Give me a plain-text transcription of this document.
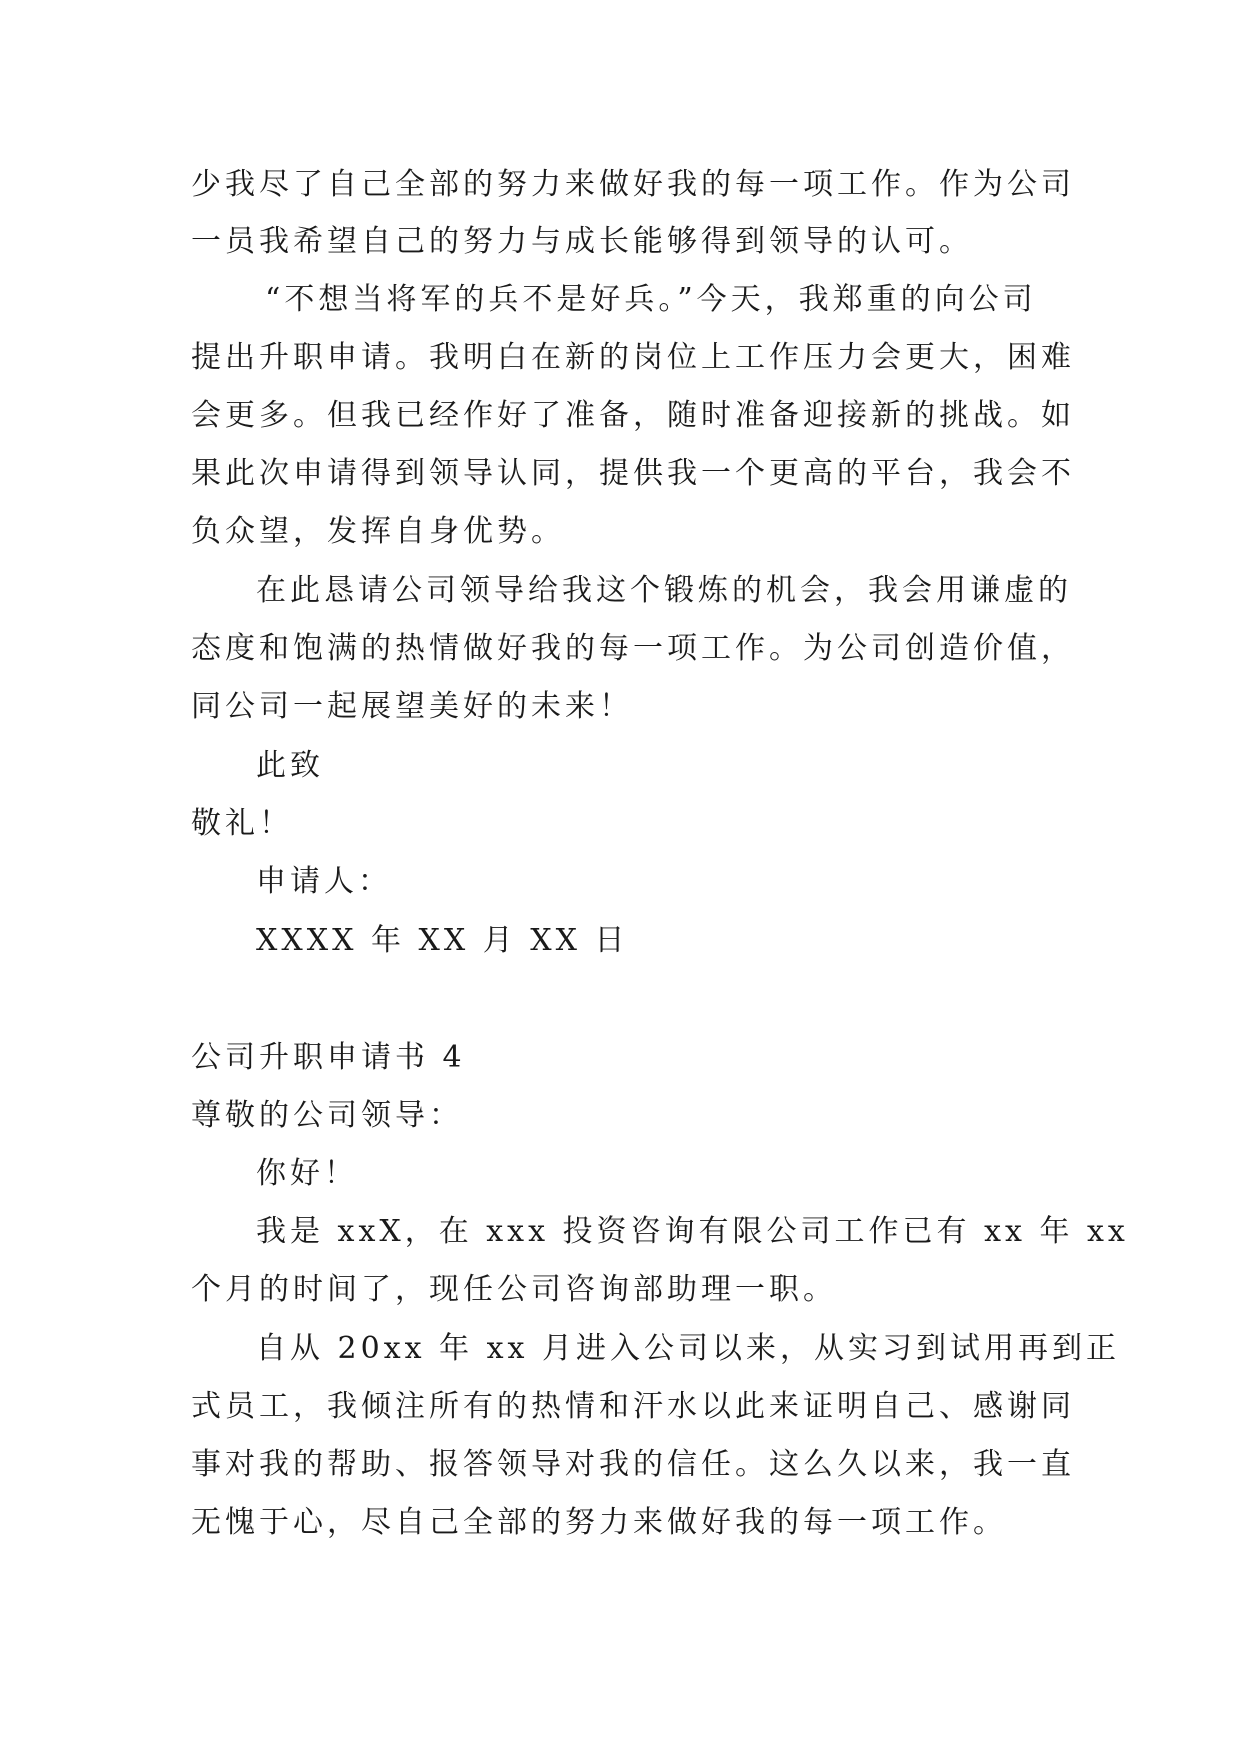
少我尽了自己全部的努力来做好我的每一项工作。作为公司
一员我希望自己的努力与成长能够得到领导的认可。
“不想当将军的兵不是好兵。”今天，我郑重的向公司
提出升职申请。我明白在新的岗位上工作压力会更大，困难
会更多。但我已经作好了准备，随时准备迎接新的挑战。如
果此次申请得到领导认同，提供我一个更高的平台，我会不
负众望，发挥自身优势。
在此恳请公司领导给我这个锻炼的机会，我会用谦虚的
态度和饱满的热情做好我的每一项工作。为公司创造价值，
同公司一起展望美好的未来！
此致
敬礼！
申请人：
XXXX 年 XX 月 XX 日
公司升职申请书 4
尊敬的公司领导：
你好！
我是 xxX，在 xxx 投资咨询有限公司工作已有 xx 年 xx
个月的时间了，现任公司咨询部助理一职。
自从 20xx 年 xx 月进入公司以来，从实习到试用再到正
式员工，我倾注所有的热情和汗水以此来证明自己、感谢同
事对我的帮助、报答领导对我的信任。这么久以来，我一直
无愧于心，尽自己全部的努力来做好我的每一项工作。
